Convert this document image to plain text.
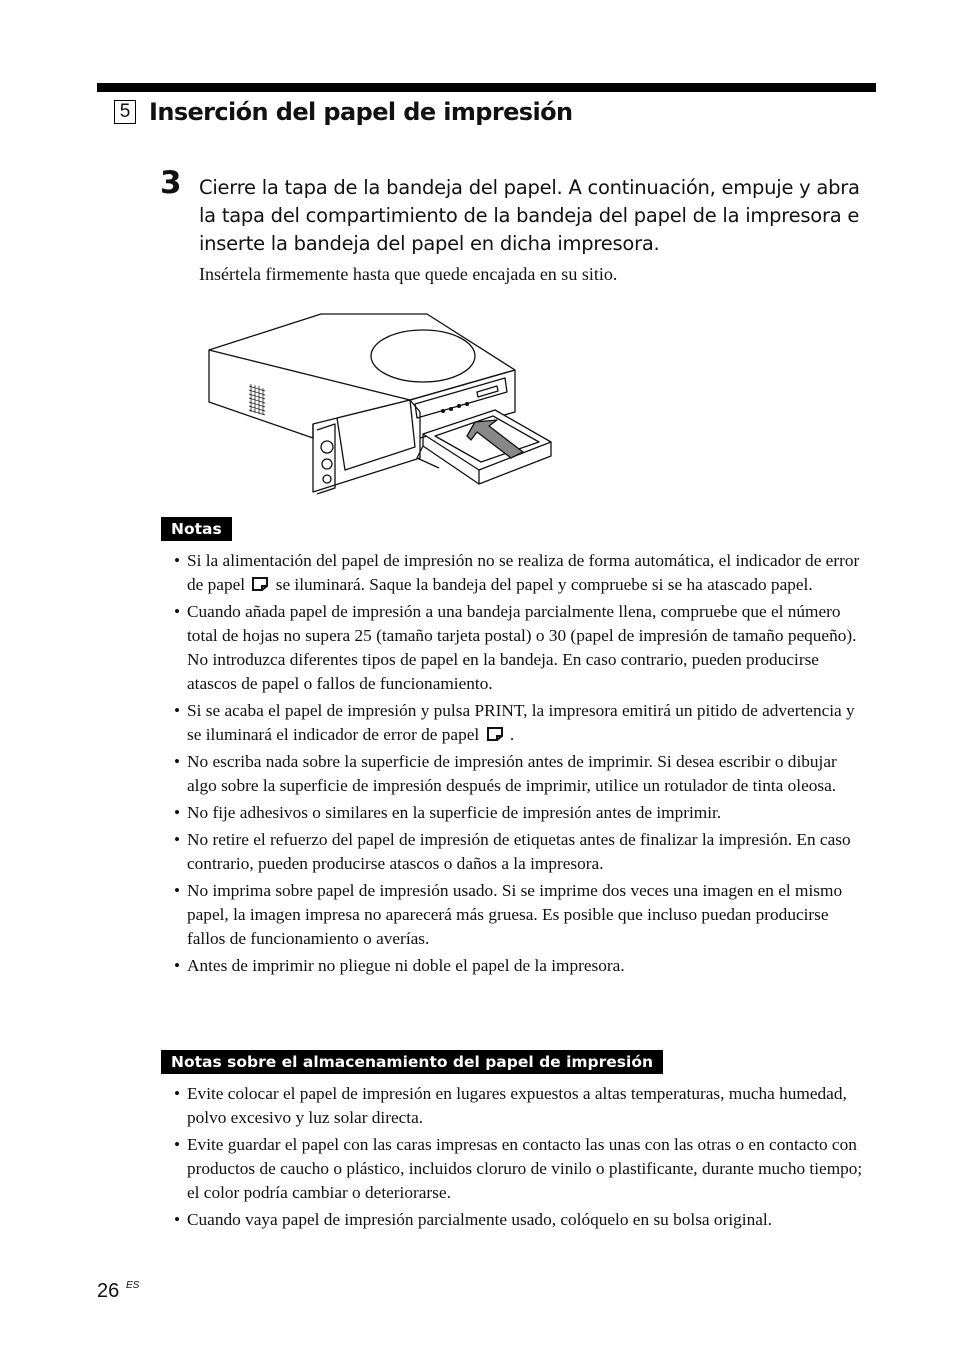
5 Inserción del papel de impresión
3 Cierre la tapa de la bandeja del papel. A continuación, empuje y abra la tapa del compartimiento de la bandeja del papel de la impresora e inserte la bandeja del papel en dicha impresora.

Insértela firmemente hasta que quede encajada en su sitio.

Notas
• Si la alimentación del papel de impresión no se realiza de forma automática, el indicador de error de papel se iluminará. Saque la bandeja del papel y compruebe si se ha atascado papel.
• Cuando añada papel de impresión a una bandeja parcialmente llena, compruebe que el número total de hojas no supera 25 (tamaño tarjeta postal) o 30 (papel de impresión de tamaño pequeño). No introduzca diferentes tipos de papel en la bandeja. En caso contrario, pueden producirse atascos de papel o fallos de funcionamiento.
• Si se acaba el papel de impresión y pulsa PRINT, la impresora emitirá un pitido de advertencia y se iluminará el indicador de error de papel .
• No escriba nada sobre la superficie de impresión antes de imprimir. Si desea escribir o dibujar algo sobre la superficie de impresión después de imprimir, utilice un rotulador de tinta oleosa.
• No fije adhesivos o similares en la superficie de impresión antes de imprimir.
• No retire el refuerzo del papel de impresión de etiquetas antes de finalizar la impresión. En caso contrario, pueden producirse atascos o daños a la impresora.
• No imprima sobre papel de impresión usado. Si se imprime dos veces una imagen en el mismo papel, la imagen impresa no aparecerá más gruesa. Es posible que incluso puedan producirse fallos de funcionamiento o averías.
• Antes de imprimir no pliegue ni doble el papel de la impresora.
Notas sobre el almacenamiento del papel de impresión
• Evite colocar el papel de impresión en lugares expuestos a altas temperaturas, mucha humedad, polvo excesivo y luz solar directa.
• Evite guardar el papel con las caras impresas en contacto las unas con las otras o en contacto con productos de caucho o plástico, incluidos cloruro de vinilo o plastificante, durante mucho tiempo; el color podría cambiar o deteriorarse.
• Cuando vaya papel de impresión parcialmente usado, colóquelo en su bolsa original.
26 ES
